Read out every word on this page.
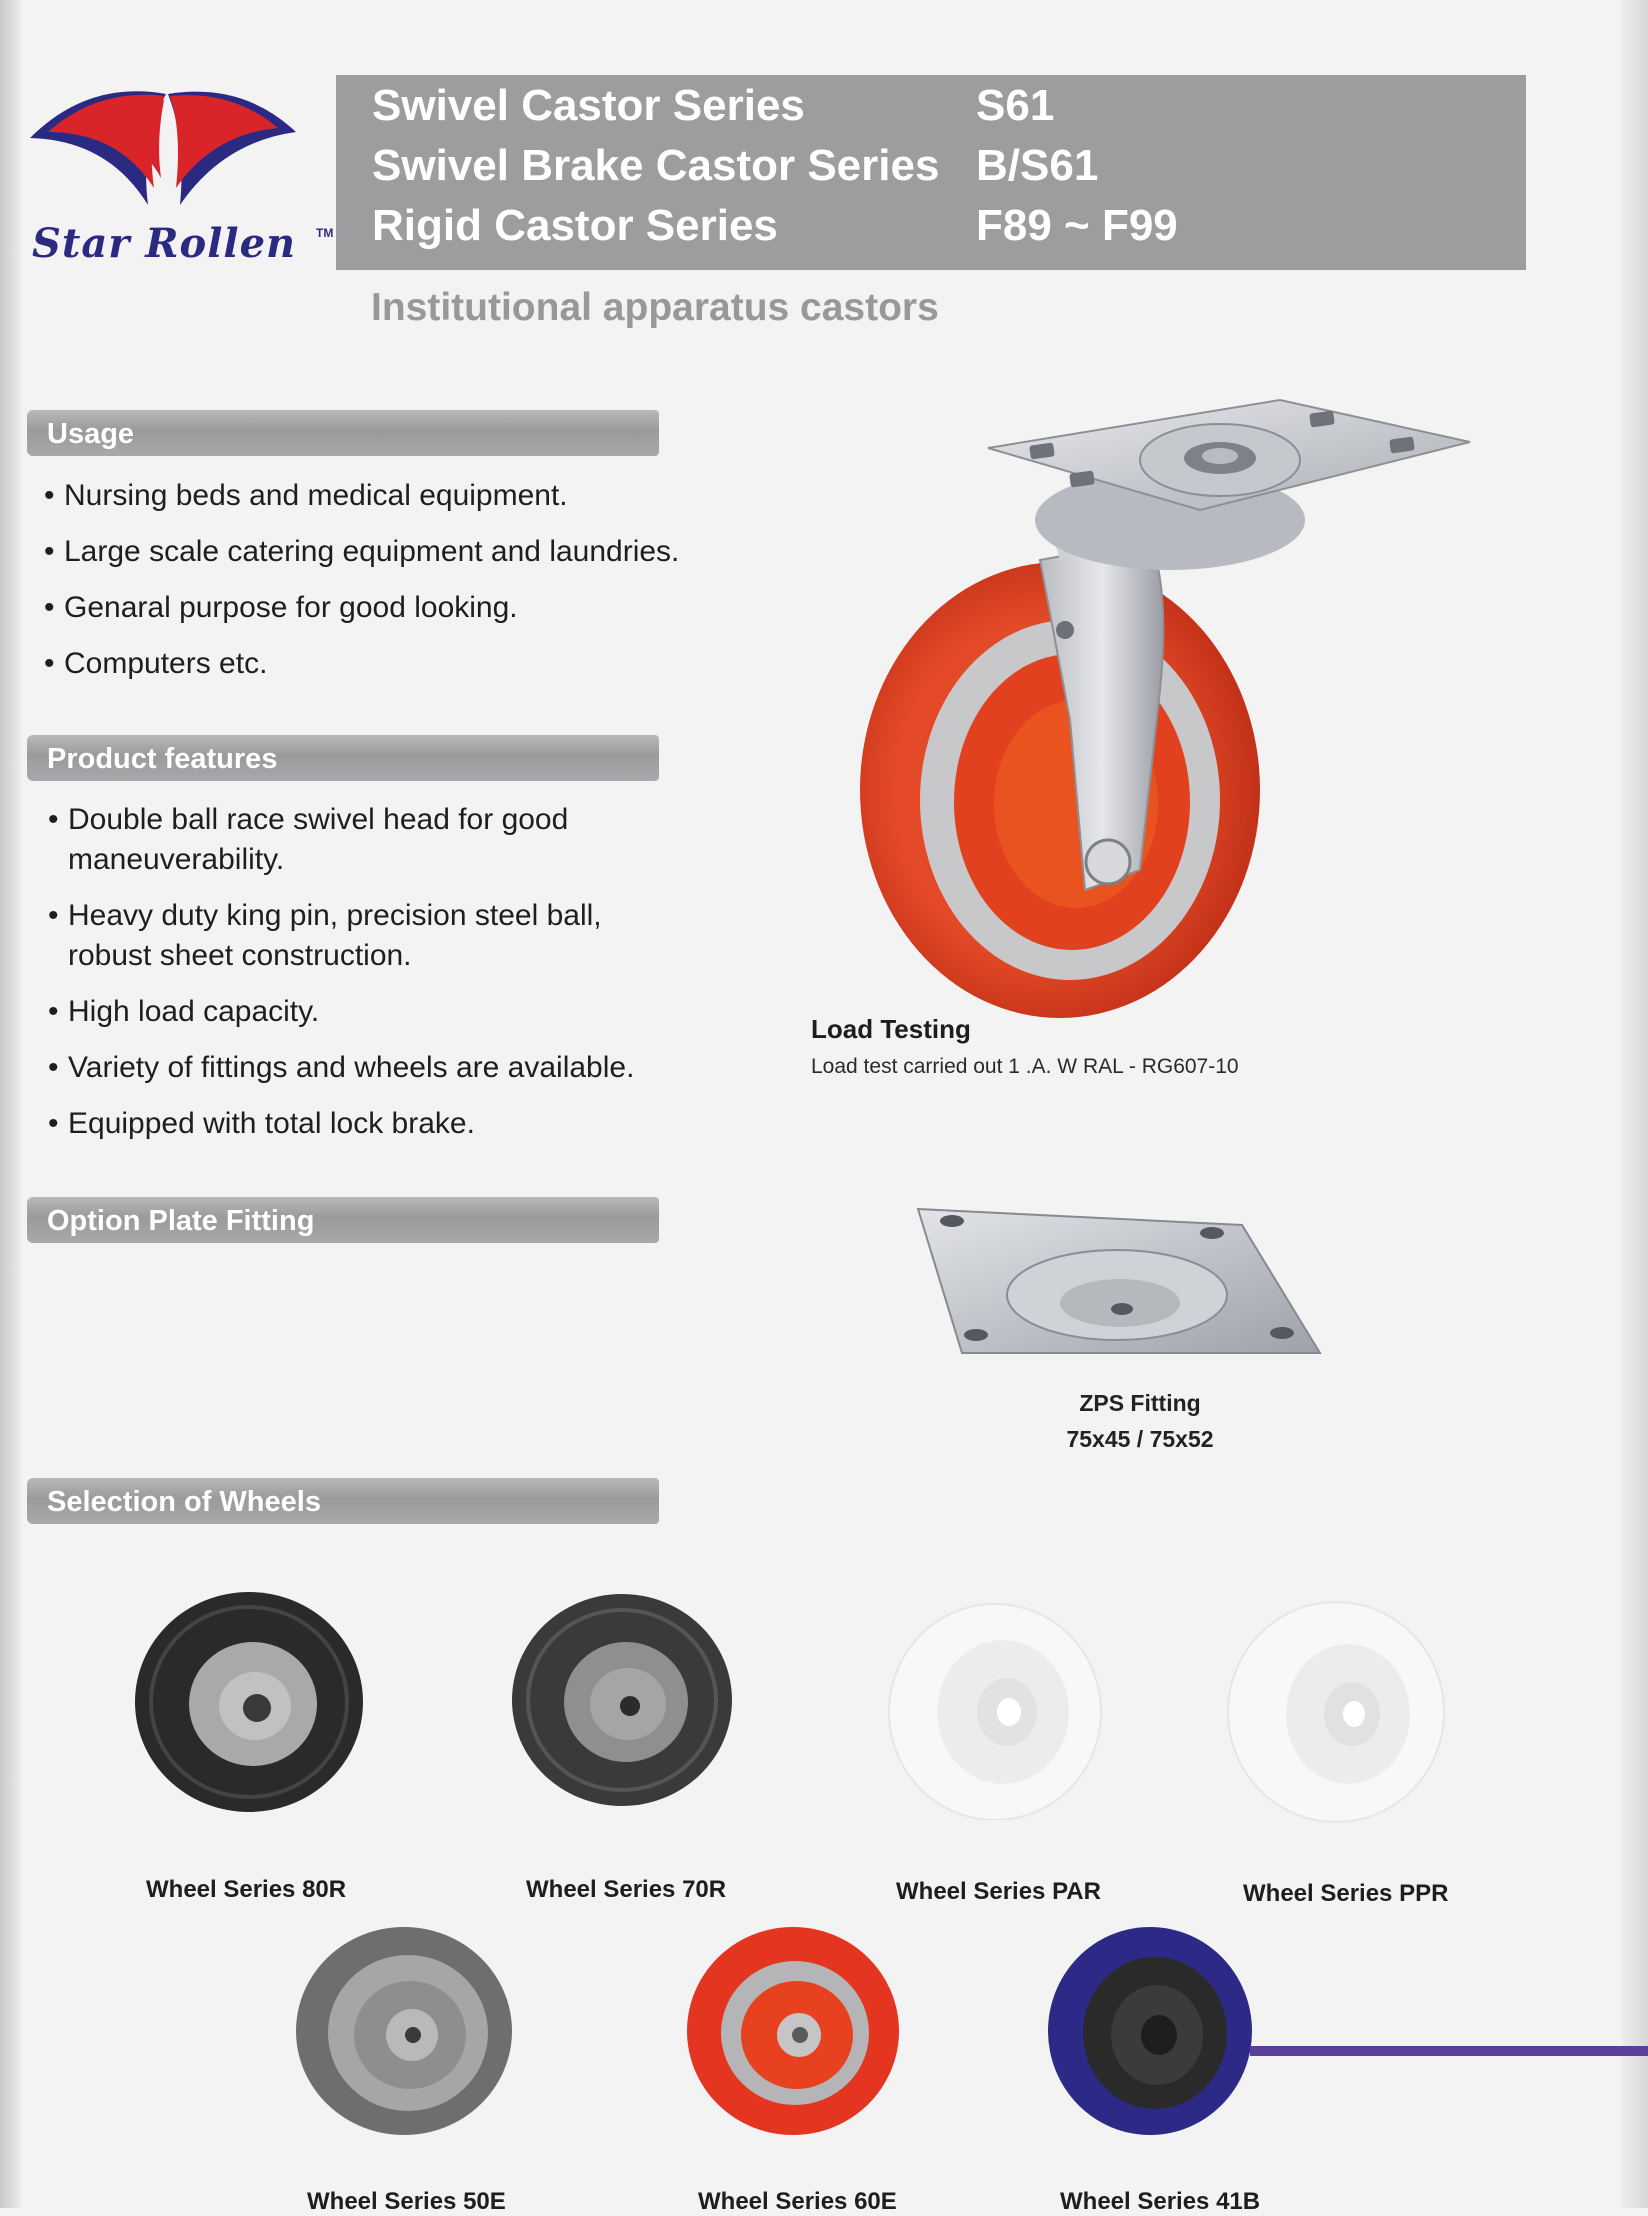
Star Rollen TM
Swivel Castor Series	S61
Swivel Brake Castor Series B/S61
Rigid Castor Series	F89 ~ F99
Institutional apparatus castors
Usage
• Nursing beds and medical equipment.
• Large scale catering equipment and laundries.
• Genaral purpose for good looking.
• Computers etc.
Product features
• Double ball race swivel head for good
maneuverability.
• Heavy duty king pin, precision steel ball,
robust sheet construction.
• High load capacity.
• Variety of fittings and wheels are available.
• Equipped with total lock brake.
Load Testing
Load test carried out 1 .A. W RAL - RG607-10
Option Plate Fitting
ZPS Fitting
75x45 / 75x52
Selection of Wheels
Wheel Series 80R	Wheel Series 70R	Wheel Series PAR	Wheel Series PPR
Wheel Series 50E	Wheel Series 60E	Wheel Series 41B
